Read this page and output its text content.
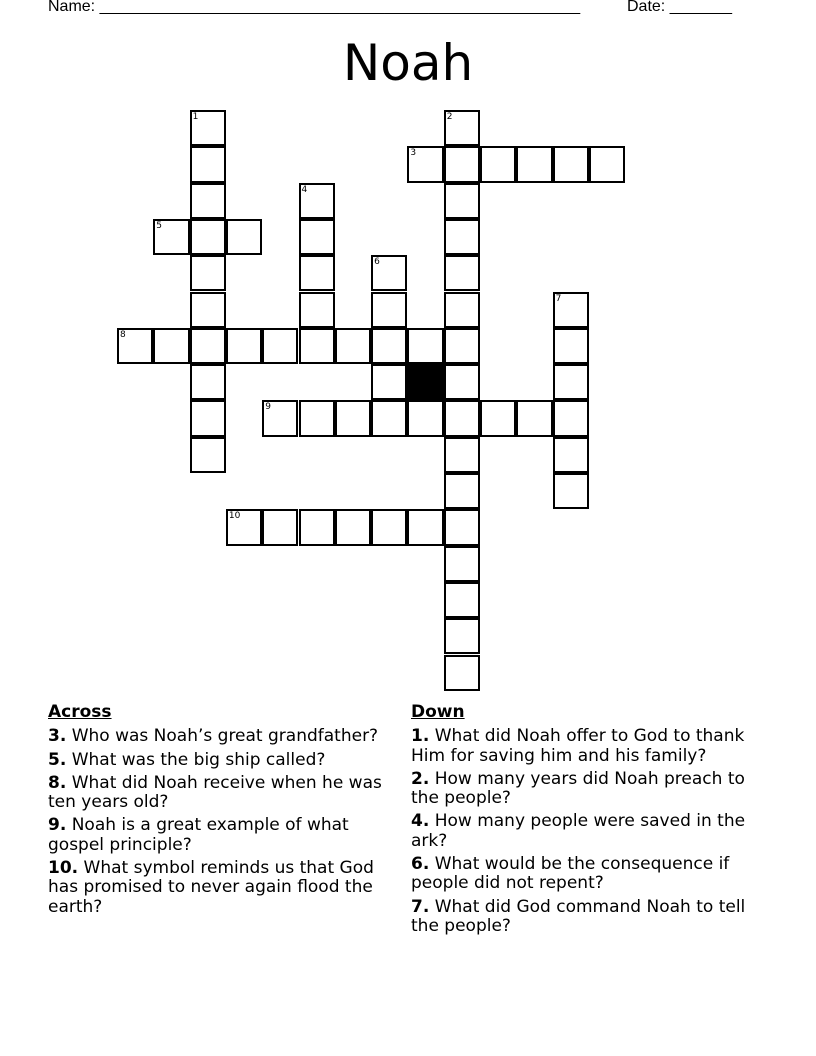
Name: ______________________________________________________	Date: _______
Noah
1	2
3
4
5
6
7
8
9
10
Across
3. Who was Noah’s great grandfather?
5. What was the big ship called?
8. What did Noah receive when he was ten years old?
9. Noah is a great example of what gospel principle?
10. What symbol reminds us that God has promised to never again flood the earth?
Down
1. What did Noah offer to God to thank Him for saving him and his family?
2. How many years did Noah preach to the people?
4. How many people were saved in the ark?
6. What would be the consequence if people did not repent?
7. What did God command Noah to tell the people?
